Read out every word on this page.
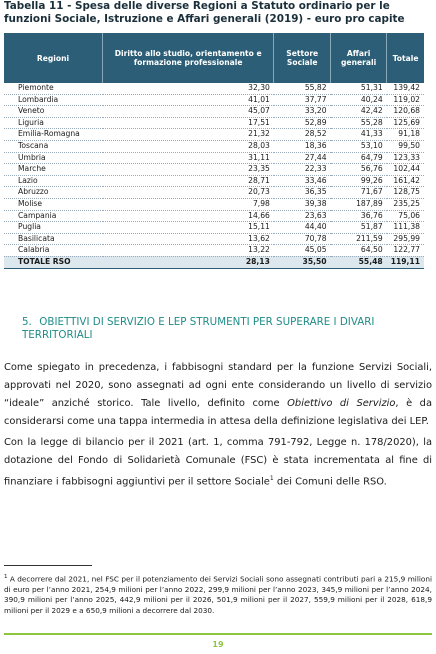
Tabella 11 - Spesa delle diverse Regioni a Statuto ordinario per le funzioni Sociale, Istruzione e Affari generali (2019) - euro pro capite
Regioni	Diritto allo studio, orientamento e formazione professionale	Settore Sociale	Affari generali	Totale
Piemonte	32,30	55,82	51,31	139,42
Lombardia	41,01	37,77	40,24	119,02
Veneto	45,07	33,20	42,42	120,68
Liguria	17,51	52,89	55,28	125,69
Emilia-Romagna	21,32	28,52	41,33	91,18
Toscana	28,03	18,36	53,10	99,50
Umbria	31,11	27,44	64,79	123,33
Marche	23,35	22,33	56,76	102,44
Lazio	28,71	33,46	99,26	161,42
Abruzzo	20,73	36,35	71,67	128,75
Molise	7,98	39,38	187,89	235,25
Campania	14,66	23,63	36,76	75,06
Puglia	15,11	44,40	51,87	111,38
Basilicata	13,62	70,78	211,59	295,99
Calabria	13,22	45,05	64,50	122,77
TOTALE RSO	28,13	35,50	55,48	119,11
5. OBIETTIVI DI SERVIZIO E LEP STRUMENTI PER SUPERARE I DIVARI TERRITORIALI
Come spiegato in precedenza, i fabbisogni standard per la funzione Servizi Sociali, approvati nel 2020, sono assegnati ad ogni ente considerando un livello di servizio “ideale” anziché storico. Tale livello, definito come Obiettivo di Servizio, è da considerarsi come una tappa intermedia in attesa della definizione legislativa dei LEP.
Con la legge di bilancio per il 2021 (art. 1, comma 791-792, Legge n. 178/2020), la dotazione del Fondo di Solidarietà Comunale (FSC) è stata incrementata al fine di finanziare i fabbisogni aggiuntivi per il settore Sociale$^1$ dei Comuni delle RSO.
$^1$ A decorrere dal 2021, nel FSC per il potenziamento dei Servizi Sociali sono assegnati contributi pari a 215,9 milioni di euro per l’anno 2021, 254,9 milioni per l’anno 2022, 299,9 milioni per l’anno 2023, 345,9 milioni per l’anno 2024, 390,9 milioni per l’anno 2025, 442,9 milioni per il 2026, 501,9 milioni per il 2027, 559,9 milioni per il 2028, 618,9 milioni per il 2029 e a 650,9 milioni a decorrere dal 2030.
19
